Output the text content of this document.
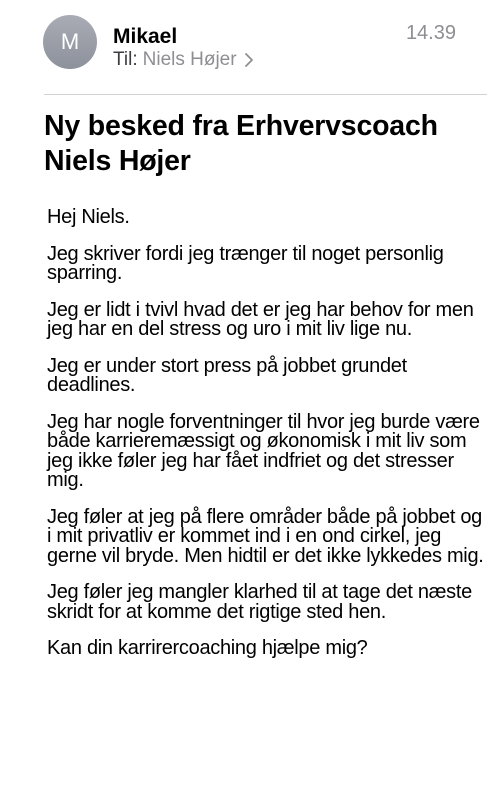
M	Mikael	14.39
Til: Niels Højer
Ny besked fra Erhvervscoach Niels Højer

Hej Niels.

Jeg skriver fordi jeg trænger til noget personlig sparring.

Jeg er lidt i tvivl hvad det er jeg har behov for men jeg har en del stress og uro i mit liv lige nu.

Jeg er under stort press på jobbet grundet deadlines.

Jeg har nogle forventninger til hvor jeg burde være både karrieremæssigt og økonomisk i mit liv som jeg ikke føler jeg har fået indfriet og det stresser mig.

Jeg føler at jeg på flere områder både på jobbet og i mit privatliv er kommet ind i en ond cirkel, jeg gerne vil bryde. Men hidtil er det ikke lykkedes mig.

Jeg føler jeg mangler klarhed til at tage det næste skridt for at komme det rigtige sted hen.

Kan din karrirercoaching hjælpe mig?
